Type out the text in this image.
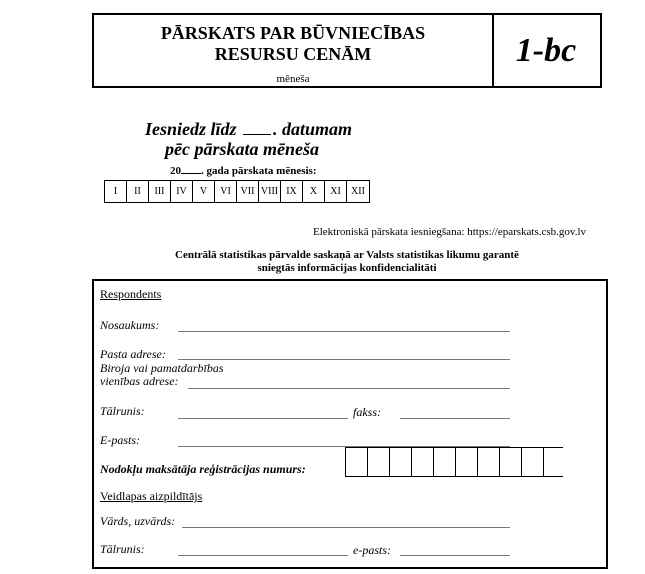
PĀRSKATS PAR BŪVNIECĪBAS
RESURSU CENĀM
mēneša
1-bc
Iesniedz līdz . datumam
pēc pārskata mēneša
20 . gada pārskata mēnesis:
I	II	III	IV	V	VI VII VIII IX	X	XI	XII
Elektroniskā pārskata iesniegšana: https://eparskats.csb.gov.lv
Centrālā statistikas pārvalde saskaņā ar Valsts statistikas likumu garantē
sniegtās informācijas konfidencialitāti
Respondents
Nosaukums:
Pasta adrese:
Biroja vai pamatdarbības
vienības adrese:
Tālrunis:	fakss:
E-pasts:
Nodokļu maksātāja reģistrācijas numurs:
Veidlapas aizpildītājs
Vārds, uzvārds:
Tālrunis:	e-pasts:
